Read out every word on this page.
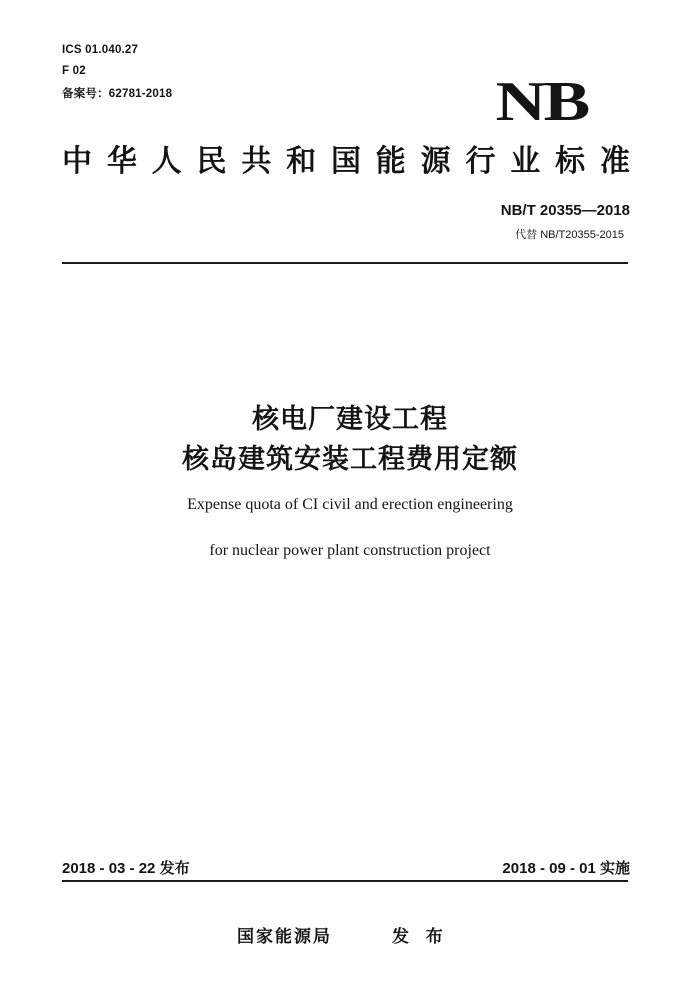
ICS 01.040.27
F 02
备案号：62781-2018	NB
中 华 人 民 共 和 国 能 源 行 业 标 准
NB/T 20355—2018
代替 NB/T20355-2015
核电厂建设工程
核岛建筑安装工程费用定额
Expense quota of CI civil and erection engineering
for nuclear power plant construction project
2018 - 03 - 22 发布	2018 - 09 - 01 实施
国家能源局	发 布
